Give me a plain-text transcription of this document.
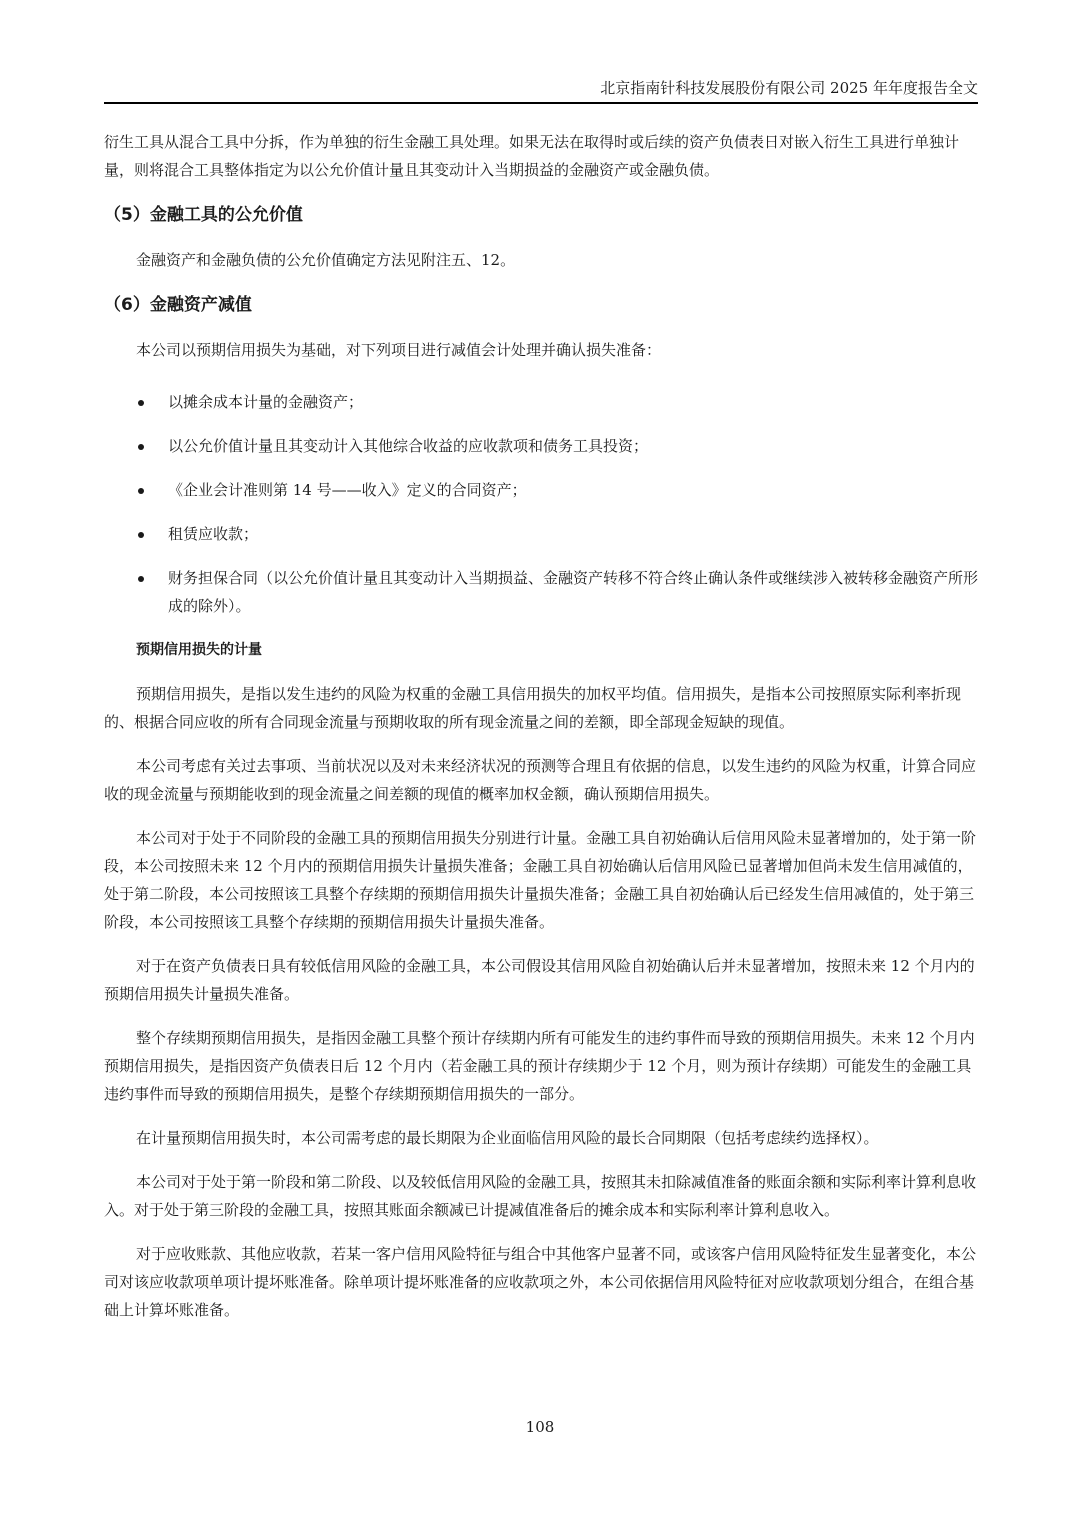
北京指南针科技发展股份有限公司 2025 年年度报告全文

衍生工具从混合工具中分拆，作为单独的衍生金融工具处理。如果无法在取得时或后续的资产负债表日对嵌入衍生工具进行单独计量，则将混合工具整体指定为以公允价值计量且其变动计入当期损益的金融资产或金融负债。

（5）金融工具的公允价值

金融资产和金融负债的公允价值确定方法见附注五、12。

（6）金融资产减值

本公司以预期信用损失为基础，对下列项目进行减值会计处理并确认损失准备：

以摊余成本计量的金融资产；
以公允价值计量且其变动计入其他综合收益的应收款项和债务工具投资；
《企业会计准则第 14 号——收入》定义的合同资产；
租赁应收款；
财务担保合同（以公允价值计量且其变动计入当期损益、金融资产转移不符合终止确认条件或继续涉入被转移金融资产所形成的除外）。
预期信用损失的计量

预期信用损失，是指以发生违约的风险为权重的金融工具信用损失的加权平均值。信用损失，是指本公司按照原实际利率折现的、根据合同应收的所有合同现金流量与预期收取的所有现金流量之间的差额，即全部现金短缺的现值。

本公司考虑有关过去事项、当前状况以及对未来经济状况的预测等合理且有依据的信息，以发生违约的风险为权重，计算合同应收的现金流量与预期能收到的现金流量之间差额的现值的概率加权金额，确认预期信用损失。

本公司对于处于不同阶段的金融工具的预期信用损失分别进行计量。金融工具自初始确认后信用风险未显著增加的，处于第一阶段，本公司按照未来 12 个月内的预期信用损失计量损失准备；金融工具自初始确认后信用风险已显著增加但尚未发生信用减值的，处于第二阶段，本公司按照该工具整个存续期的预期信用损失计量损失准备；金融工具自初始确认后已经发生信用减值的，处于第三阶段，本公司按照该工具整个存续期的预期信用损失计量损失准备。

对于在资产负债表日具有较低信用风险的金融工具，本公司假设其信用风险自初始确认后并未显著增加，按照未来 12 个月内的预期信用损失计量损失准备。

整个存续期预期信用损失，是指因金融工具整个预计存续期内所有可能发生的违约事件而导致的预期信用损失。未来 12 个月内预期信用损失，是指因资产负债表日后 12 个月内（若金融工具的预计存续期少于 12 个月，则为预计存续期）可能发生的金融工具违约事件而导致的预期信用损失，是整个存续期预期信用损失的一部分。

在计量预期信用损失时，本公司需考虑的最长期限为企业面临信用风险的最长合同期限（包括考虑续约选择权）。

本公司对于处于第一阶段和第二阶段、以及较低信用风险的金融工具，按照其未扣除减值准备的账面余额和实际利率计算利息收入。对于处于第三阶段的金融工具，按照其账面余额减已计提减值准备后的摊余成本和实际利率计算利息收入。

对于应收账款、其他应收款，若某一客户信用风险特征与组合中其他客户显著不同，或该客户信用风险特征发生显著变化，本公司对该应收款项单项计提坏账准备。除单项计提坏账准备的应收款项之外，本公司依据信用风险特征对应收款项划分组合，在组合基础上计算坏账准备。

108
